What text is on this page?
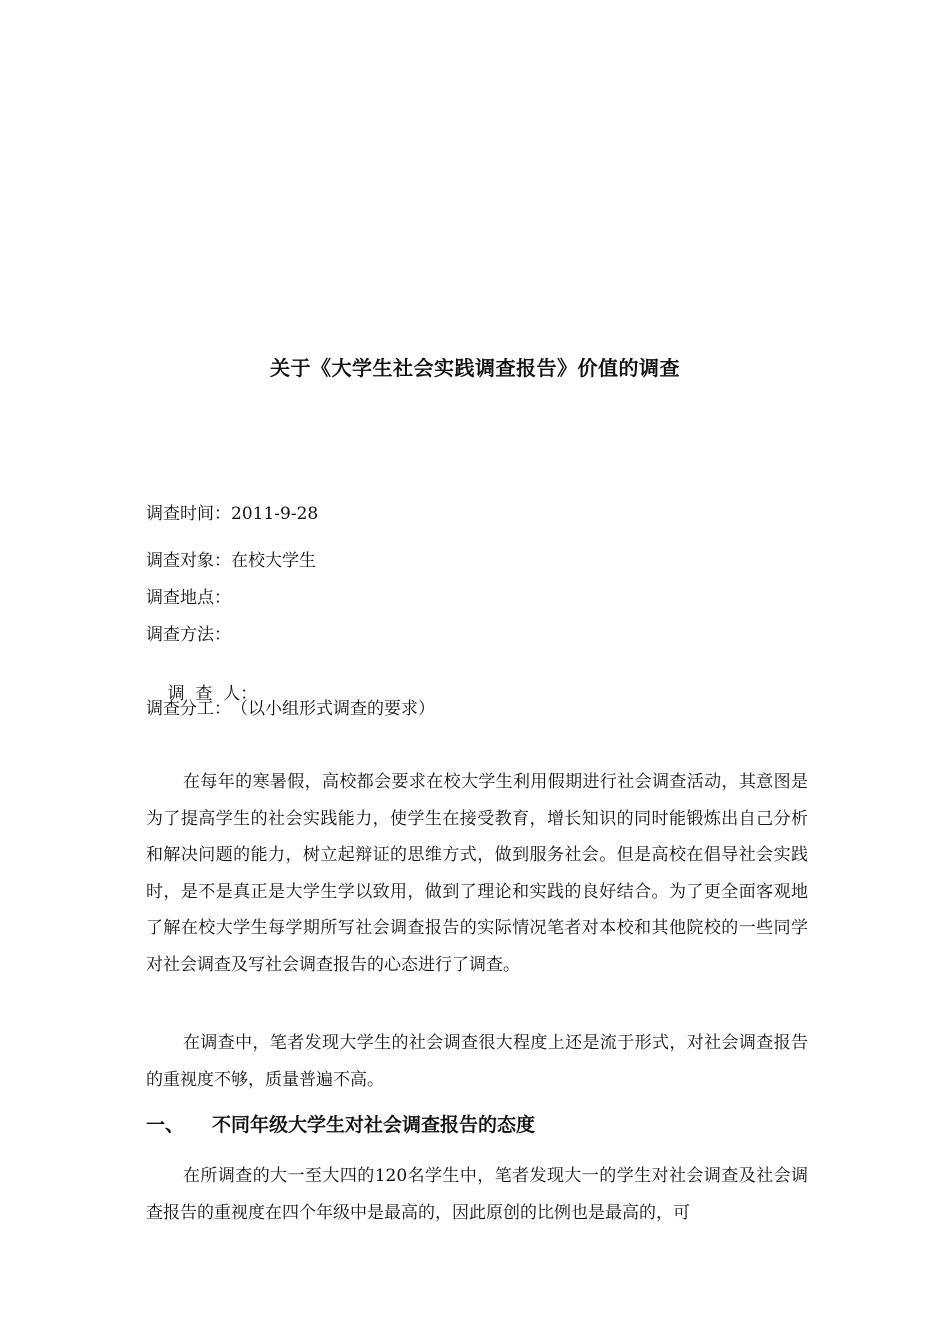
关于《大学生社会实践调查报告》价值的调查
调查时间：2011-9-28
调查对象：在校大学生
调查地点：
调查方法：

调  查  人：

调查分工：（以小组形式调查的要求）

在每年的寒暑假，高校都会要求在校大学生利用假期进行社会调查活动，其意图是为了提高学生的社会实践能力，使学生在接受教育，增长知识的同时能锻炼出自己分析和解决问题的能力，树立起辩证的思维方式，做到服务社会。但是高校在倡导社会实践时，是不是真正是大学生学以致用，做到了理论和实践的良好结合。为了更全面客观地了解在校大学生每学期所写社会调查报告的实际情况笔者对本校和其他院校的一些同学对社会调查及写社会调查报告的心态进行了调查。

在调查中，笔者发现大学生的社会调查很大程度上还是流于形式，对社会调查报告的重视度不够，质量普遍不高。

一、 不同年级大学生对社会调查报告的态度

在所调查的大一至大四的120名学生中，笔者发现大一的学生对社会调查及社会调查报告的重视度在四个年级中是最高的，因此原创的比例也是最高的，可
